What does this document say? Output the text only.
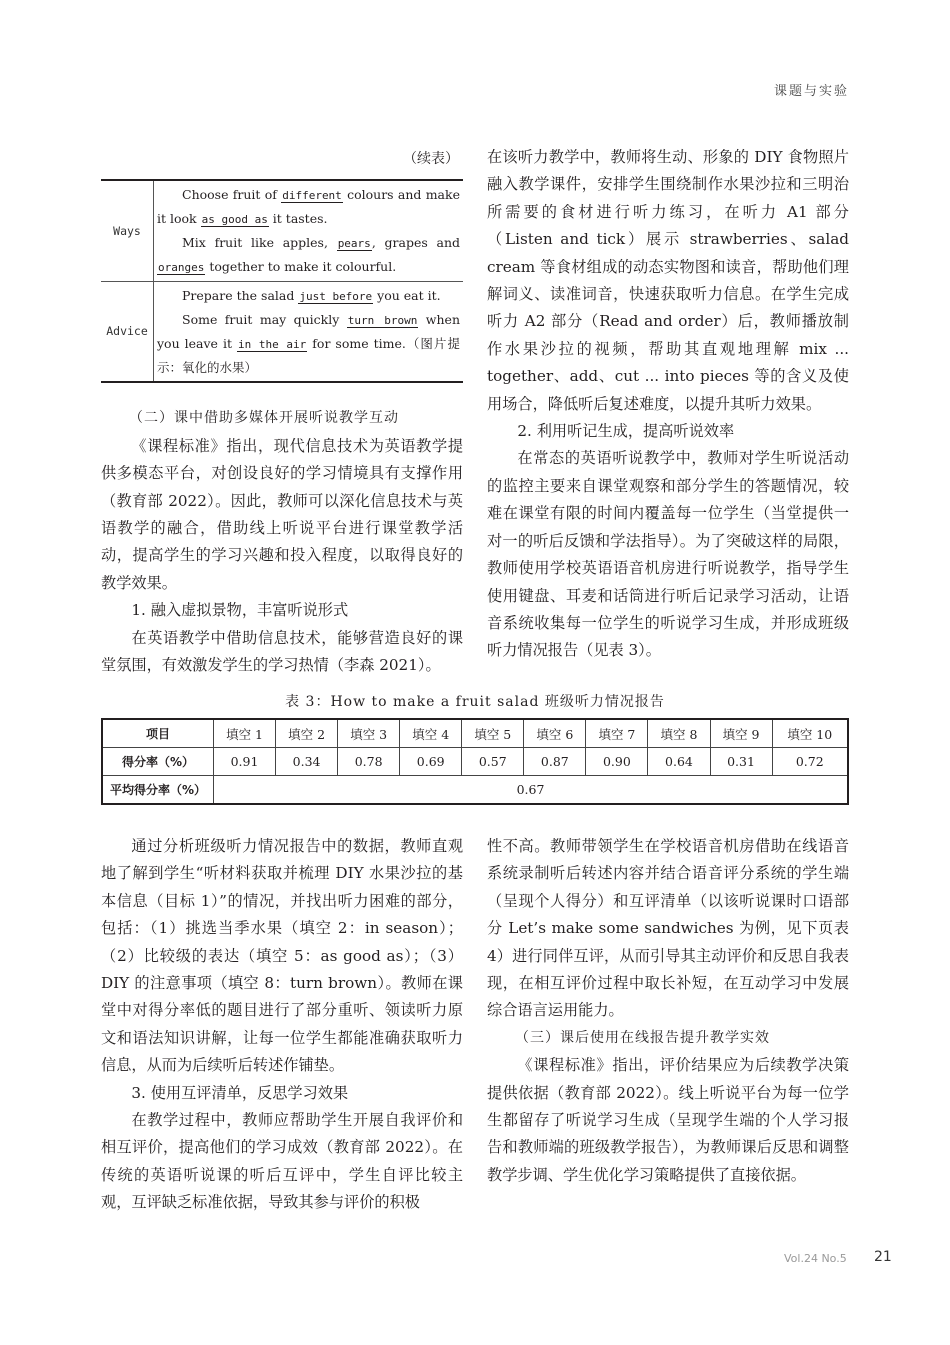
课题与实验
（续表）
Ways	Choose fruit of different colours and make it look as good as it tastes.
Mix fruit like apples, pears, grapes and oranges together to make it colourful.

Advice	Prepare the salad just before you eat it.
Some fruit may quickly turn brown when you leave it in the air for some time.（图片提示：氧化的水果）

（二）课中借助多媒体开展听说教学互动

《课程标准》指出，现代信息技术为英语教学提供多模态平台，对创设良好的学习情境具有支撑作用（教育部 2022）。因此，教师可以深化信息技术与英语教学的融合，借助线上听说平台进行课堂教学活动，提高学生的学习兴趣和投入程度，以取得良好的教学效果。

1. 融入虚拟景物，丰富听说形式

在英语教学中借助信息技术，能够营造良好的课堂氛围，有效激发学生的学习热情（李森 2021）。

在该听力教学中，教师将生动、形象的 DIY 食物照片融入教学课件，安排学生围绕制作水果沙拉和三明治所需要的食材进行听力练习，在听力 A1 部分（Listen and tick）展示 strawberries、salad cream 等食材组成的动态实物图和读音，帮助他们理解词义、读准词音，快速获取听力信息。在学生完成听力 A2 部分（Read and order）后，教师播放制作水果沙拉的视频，帮助其直观地理解 mix ... together、add、cut ... into pieces 等的含义及使用场合，降低听后复述难度，以提升其听力效果。

2. 利用听记生成，提高听说效率

在常态的英语听说教学中，教师对学生听说活动的监控主要来自课堂观察和部分学生的答题情况，较难在课堂有限的时间内覆盖每一位学生（当堂提供一对一的听后反馈和学法指导）。为了突破这样的局限，教师使用学校英语语音机房进行听说教学，指导学生使用键盘、耳麦和话筒进行听后记录学习活动，让语音系统收集每一位学生的听说学习生成，并形成班级听力情况报告（见表 3）。

表 3：How to make a fruit salad 班级听力情况报告
项目	填空 1	填空 2	填空 3	填空 4	填空 5	填空 6	填空 7	填空 8	填空 9	填空 10
得分率（%）	0.91	0.34	0.78	0.69	0.57	0.87	0.90	0.64	0.31	0.72
平均得分率（%）	0.67									

通过分析班级听力情况报告中的数据，教师直观地了解到学生“听材料获取并梳理 DIY 水果沙拉的基本信息（目标 1）”的情况，并找出听力困难的部分，包括：（1）挑选当季水果（填空 2：in season）；（2）比较级的表达（填空 5：as good as）；（3）DIY 的注意事项（填空 8：turn brown）。教师在课堂中对得分率低的题目进行了部分重听、领读听力原文和语法知识讲解，让每一位学生都能准确获取听力信息，从而为后续听后转述作铺垫。

3. 使用互评清单，反思学习效果

在教学过程中，教师应帮助学生开展自我评价和相互评价，提高他们的学习成效（教育部 2022）。在传统的英语听说课的听后互评中，学生自评比较主观，互评缺乏标准依据，导致其参与评价的积极

性不高。教师带领学生在学校语音机房借助在线语音系统录制听后转述内容并结合语音评分系统的学生端（呈现个人得分）和互评清单（以该听说课时口语部分 Let’s make some sandwiches 为例，见下页表 4）进行同伴互评，从而引导其主动评价和反思自我表现，在相互评价过程中取长补短，在互动学习中发展综合语言运用能力。

（三）课后使用在线报告提升教学实效

《课程标准》指出，评价结果应为后续教学决策提供依据（教育部 2022）。线上听说平台为每一位学生都留存了听说学习生成（呈现学生端的个人学习报告和教师端的班级教学报告），为教师课后反思和调整教学步调、学生优化学习策略提供了直接依据。

Vol.24 No.5 21
